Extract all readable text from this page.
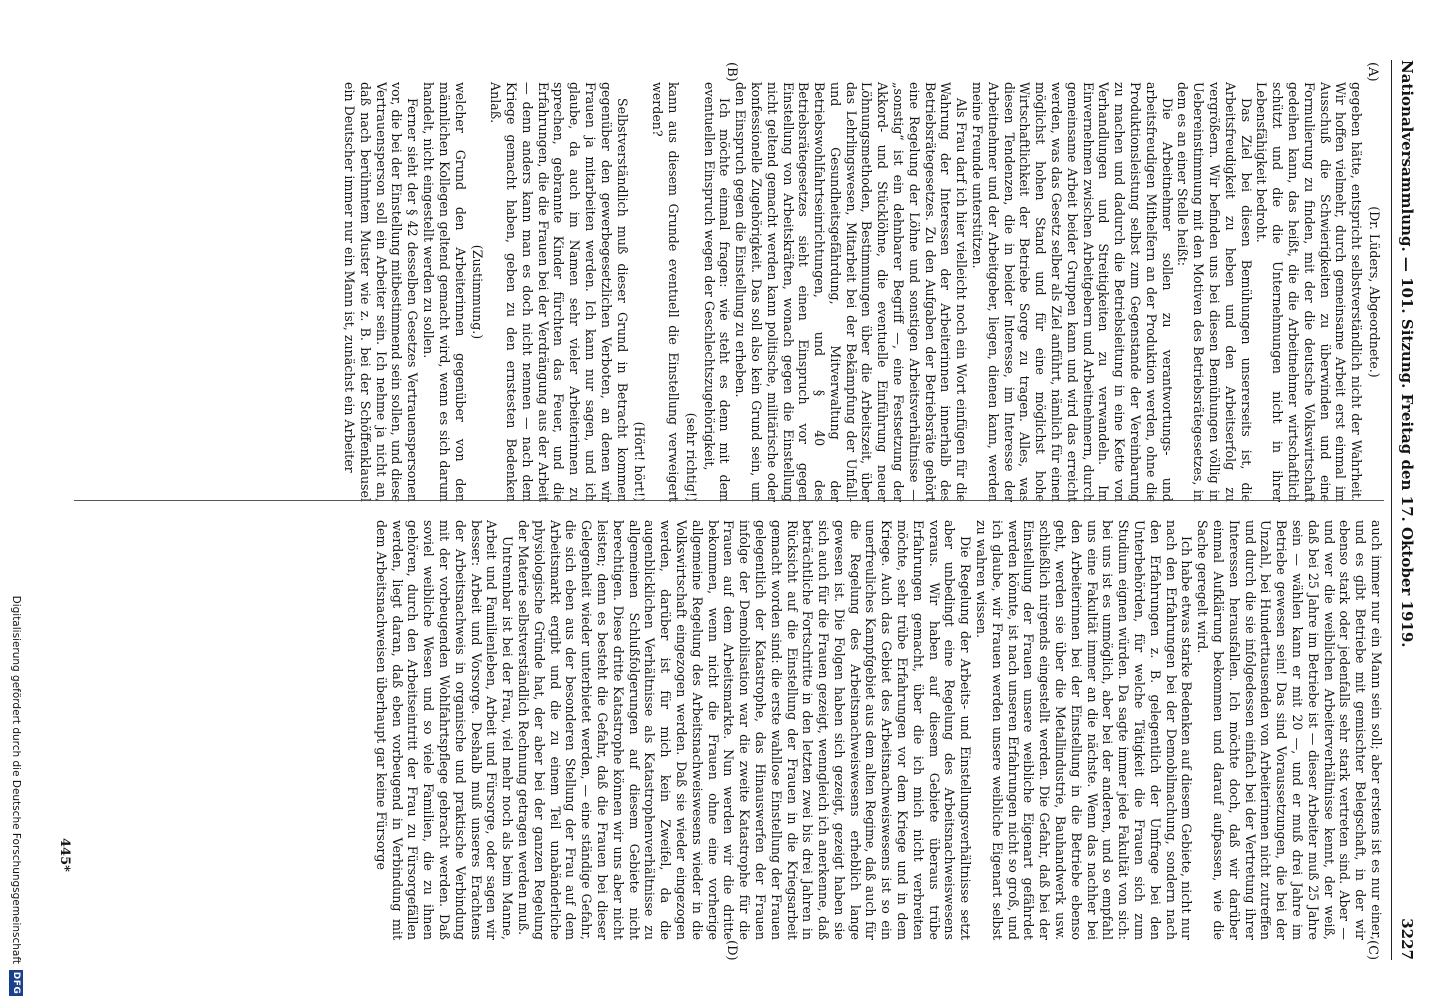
Nationalversammlung. — 101. Sitzung. Freitag den 17. Oktober 1919.
3227
(A)
(B)
(C)
(D)

(Dr. Lüders, Abgeordnete.)

gegeben hätte, entspricht selbstverständlich nicht der Wahrheit. Wir hoffen vielmehr, durch gemeinsame Arbeit erst einmal im Ausschuß die Schwierigkeiten zu überwinden und eine Formulierung zu finden, mit der die deutsche Volkswirtschaft gedeihen kann, das heißt, die die Arbeitnehmer wirtschaftlich schützt und die die Unternehmungen nicht in ihrer Lebensfähigkeit bedroht.

Das Ziel bei diesen Bemühungen unsererseits ist, die Arbeitsfreudigkeit zu heben und den Arbeitserfolg zu vergrößern. Wir befinden uns bei diesen Bemühungen völlig in Uebereinstimmung mit den Motiven des Betriebsrätegesetzes, in dem es an einer Stelle heißt:

Die Arbeitnehmer sollen zu verantwortungs- und arbeitsfreudigen Mithelfern an der Produktion werden, ohne die Produktionsleistung selbst zum Gegenstande der Vereinbarung zu machen und dadurch die Betriebsleitung in eine Kette von Verhandlungen und Streitigkeiten zu verwandeln. Im Einvernehmen zwischen Arbeitgebern und Arbeitnehmern, durch gemeinsame Arbeit beider Gruppen kann und wird das erreicht werden, was das Gesetz selber als Ziel anführt, nämlich für einen möglichst hohen Stand und für eine möglichst hohe Wirtschaftlichkeit der Betriebe Sorge zu tragen. Alles, was diesen Tendenzen, die in beider Interesse, im Interesse der Arbeitnehmer und der Arbeitgeber, liegen, dienen kann, werden meine Freunde unterstützen.

Als Frau darf ich hier vielleicht noch ein Wort einfügen für die Wahrung der Interessen der Arbeiterinnen innerhalb des Betriebsrätegesetzes. Zu den Aufgaben der Betriebsräte gehört eine Regelung der Löhne und sonstigen Arbeitsverhältnisse — „sonstig“ ist ein dehnbarer Begriff —, eine Festsetzung der Akkord- und Stücklöhne, die eventuelle Einführung neuer Löhnungsmethoden, Bestimmungen über die Arbeitszeit, über das Lehrlingswesen, Mitarbeit bei der Bekämpfung der Unfall- und Gesundheitsgefährdung, Mitverwaltung der Betriebswohlfahrtseinrichtungen, und § 40 des Betriebsrätegesetzes sieht einen Einspruch vor gegen Einstellung von Arbeitskräften, wonach gegen die Einstellung nicht geltend gemacht werden kann politische, militärische oder konfessionelle Zugehörigkeit. Das soll also kein Grund sein, um den Einspruch gegen die Einstellung zu erheben.

Ich möchte einmal fragen: wie steht es denn mit dem eventuellen Einspruch wegen der Geschlechtszugehörigkeit,

(sehr richtig!)

kann aus diesem Grunde eventuell die Einstellung verweigert werden?

(Hört! hört!)

Selbstverständlich muß dieser Grund in Betracht kommen gegenüber den gewerbegesetzlichen Verboten, an denen wir Frauen ja mitarbeiten werden. Ich kann nur sagen, und ich glaube, da auch im Namen sehr vieler Arbeiterinnen zu sprechen, gebrannte Kinder fürchten das Feuer, und die Erfahrungen, die die Frauen bei der Verdrängung aus der Arbeit — denn anders kann man es doch nicht nennen — nach dem Kriege gemacht haben, geben zu den ernstesten Bedenken Anlaß.

(Zustimmung.)

welcher Grund den Arbeiterinnen gegenüber von den männlichen Kollegen geltend gemacht wird, wenn es sich darum handelt, nicht eingestellt werden zu sollen.

Ferner sieht der § 42 desselben Gesetzes Vertrauenspersonen vor, die bei der Einstellung mitbestimmend sein sollen, und diese Vertrauensperson soll ein Arbeiter sein. Ich nehme ja nicht an, daß nach berühmtem Muster wie z. B. bei der Schöffenklausel ein Deutscher immer nur ein Mann ist, zunächst ein Arbeiter

auch immer nur ein Mann sein soll; aber erstens ist es nur einer, und es gibt Betriebe mit gemischter Belegschaft, in der wir ebenso stark oder jedenfalls sehr stark vertreten sind. Aber — und wer die weiblichen Arbeiterverhältnisse kennt, der weiß, daß bei 25 Jahre im Betriebe ist — dieser Arbeiter muß 25 Jahre sein — wählen kann er mit 20 —, und er muß drei Jahre im Betriebe gewesen sein! Das sind Voraussetzungen, die bei der Unzahl, bei Hunderttausenden von Arbeiterinnen nicht zutreffen und durch die sie infolgedessen einfach bei der Vertretung ihrer Interessen herausfallen. Ich möchte doch, daß wir darüber einmal Aufklärung bekommen und darauf aufpassen, wie die Sache geregelt wird.

Ich habe etwas starke Bedenken auf diesem Gebiete, nicht nur nach den Erfahrungen bei der Demobilmachung, sondern nach den Erfahrungen z. B. gelegentlich der Umfrage bei den Unterbehörden, für welche Tätigkeit die Frauen sich zum Studium eignen würden. Da sagte immer jede Fakultät von sich: bei uns ist es unmöglich, aber bei der anderen, und so empfahl uns eine Fakultät immer an die nächste. Wenn das nachher bei den Arbeiterinnen bei der Einstellung in die Betriebe ebenso geht, werden sie über die Metallindustrie, Bauhandwerk usw. schließlich nirgends eingestellt werden. Die Gefahr, daß bei der Einstellung der Frauen unsere weibliche Eigenart gefährdet werden könnte, ist nach unseren Erfahrungen nicht so groß, und ich glaube, wir Frauen werden unsere weibliche Eigenart selbst zu wahren wissen.

Die Regelung der Arbeits- und Einstellungsverhältnisse setzt aber unbedingt eine Regelung des Arbeitsnachweiswesens voraus. Wir haben auf diesem Gebiete überaus trübe Erfahrungen gemacht, über die ich mich nicht verbreiten möchte, sehr trübe Erfahrungen vor dem Kriege und in dem Kriege. Auch das Gebiet des Arbeitsnachweiswesens ist so ein unerfreuliches Kampfgebiet aus dem alten Regime, daß auch für die Regelung des Arbeitsnachweiswesens erheblich lange gewesen ist. Die Folgen haben sich gezeigt, gezeigt haben sie sich auch für die Frauen gezeigt, wenngleich ich anerkenne, daß beträchtliche Fortschritte in den letzten zwei bis drei Jahren in Rücksicht auf die Einstellung der Frauen in die Kriegsarbeit gemacht worden sind: die erste wahllose Einstellung der Frauen gelegentlich der Katastrophe, das Hinauswerfen der Frauen infolge der Demobilisation war die zweite Katastrophe für die Frauen auf dem Arbeitsmarkte. Nun werden wir die dritte bekommen, wenn nicht die Frauen ohne eine vorherige allgemeine Regelung des Arbeitsnachweiswesens wieder in die Volkswirtschaft eingezogen werden. Daß sie wieder eingezogen werden, darüber ist für mich kein Zweifel, da die augenblicklichen Verhältnisse als Katastrophenverhältnisse zu allgemeinen Schlußfolgerungen auf diesem Gebiete nicht berechtigen. Diese dritte Katastrophe können wir uns aber nicht leisten; denn es besteht die Gefahr, daß die Frauen bei dieser Gelegenheit wieder unterbietet werden, — eine ständige Gefahr, die sich eben aus der besonderen Stellung der Frau auf dem Arbeitsmarkt ergibt und die zu einem Teil unabänderliche physiologische Gründe hat, der aber bei der ganzen Regelung der Materie selbstverständlich Rechnung getragen werden muß.

Untrennbar ist bei der Frau, viel mehr noch als beim Manne, Arbeit und Familienleben, Arbeit und Fürsorge, oder sagen wir besser: Arbeit und Vorsorge. Deshalb muß unseres Erachtens der Arbeitsnachweis in organische und praktische Verbindung mit der vorbeugenden Wohlfahrtspflege gebracht werden. Daß soviel weibliche Wesen und so viele Familien, die zu ihnen gehören, durch den Arbeitseintritt der Frau zu Fürsorgefällen werden, liegt daran, daß eben vorbeugend in Verbindung mit dem Arbeitsnachweisen überhaupt gar keine Fürsorge

445*
Digitalisierung gefördert durch die Deutsche Forschungsgemeinschaft
DFG
